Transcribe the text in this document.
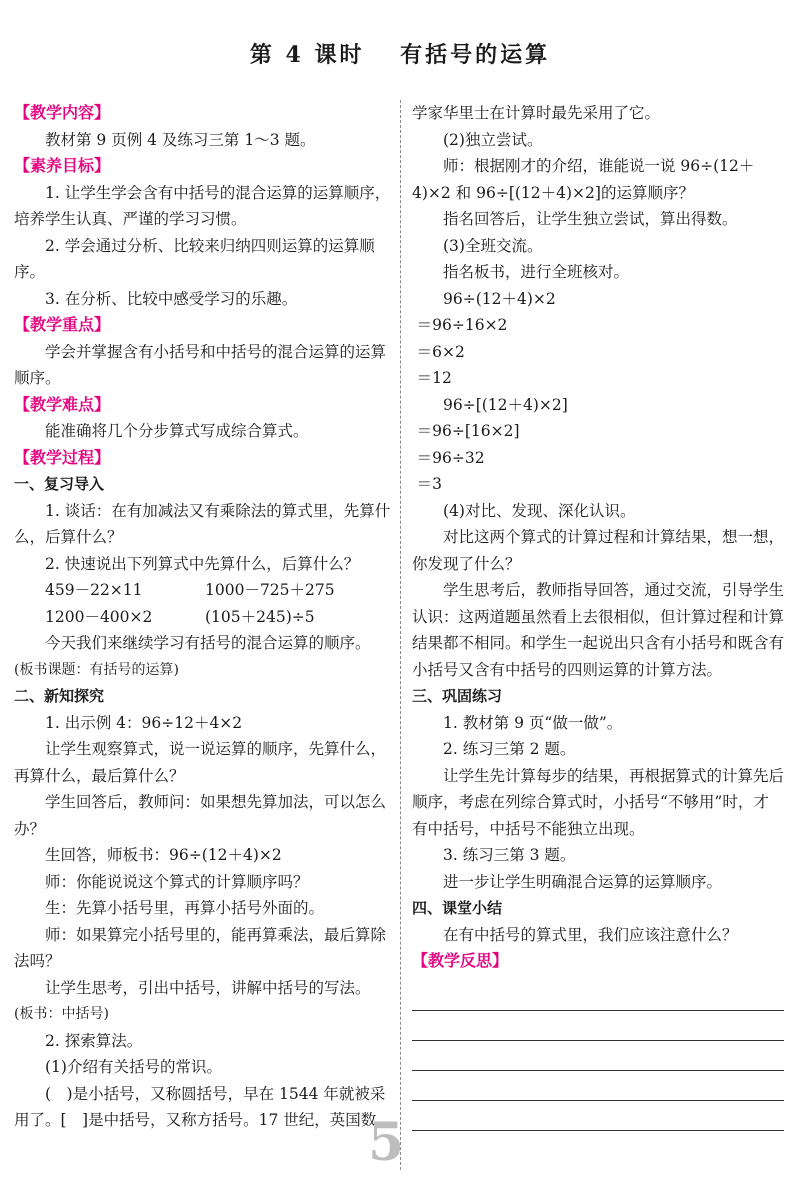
第 4 课时　 有括号的运算

【教学内容】

教材第 9 页例 4 及练习三第 1～3 题。

【素养目标】

1. 让学生学会含有中括号的混合运算的运算顺序，培养学生认真、严谨的学习习惯。

2. 学会通过分析、比较来归纳四则运算的运算顺序。

3. 在分析、比较中感受学习的乐趣。

【教学重点】

学会并掌握含有小括号和中括号的混合运算的运算顺序。

【教学难点】

能准确将几个分步算式写成综合算式。

【教学过程】

一、复习导入

1. 谈话：在有加减法又有乘除法的算式里，先算什么，后算什么？

2. 快速说出下列算式中先算什么，后算什么？

459－22×11	1000－725＋275
1200－400×2	(105＋245)÷5

今天我们来继续学习有括号的混合运算的顺序。

(板书课题：有括号的运算)

二、新知探究

1. 出示例 4：96÷12＋4×2

让学生观察算式，说一说运算的顺序，先算什么，再算什么，最后算什么？

学生回答后，教师问：如果想先算加法，可以怎么办？

生回答，师板书：96÷(12＋4)×2

师：你能说说这个算式的计算顺序吗？

生：先算小括号里，再算小括号外面的。

师：如果算完小括号里的，能再算乘法，最后算除法吗？

让学生思考，引出中括号，讲解中括号的写法。

(板书：中括号)

2. 探索算法。

(1)介绍有关括号的常识。

(　)是小括号，又称圆括号，早在 1544 年就被采用了。[　]是中括号，又称方括号。17 世纪，英国数

学家华里士在计算时最先采用了它。

(2)独立尝试。

师：根据刚才的介绍，谁能说一说 96÷(12＋4)×2 和 96÷[(12＋4)×2]的运算顺序？

指名回答后，让学生独立尝试，算出得数。

(3)全班交流。

指名板书，进行全班核对。

96÷(12＋4)×2

＝96÷16×2

＝6×2

＝12

96÷[(12＋4)×2]

＝96÷[16×2]

＝96÷32

＝3

(4)对比、发现、深化认识。

对比这两个算式的计算过程和计算结果，想一想，你发现了什么？

学生思考后，教师指导回答，通过交流，引导学生认识：这两道题虽然看上去很相似，但计算过程和计算结果都不相同。和学生一起说出只含有小括号和既含有小括号又含有中括号的四则运算的计算方法。

三、巩固练习

1. 教材第 9 页“做一做”。

2. 练习三第 2 题。

让学生先计算每步的结果，再根据算式的计算先后顺序，考虑在列综合算式时，小括号“不够用”时，才有中括号，中括号不能独立出现。

3. 练习三第 3 题。

进一步让学生明确混合运算的运算顺序。

四、课堂小结

在有中括号的算式里，我们应该注意什么？

【教学反思】

5
